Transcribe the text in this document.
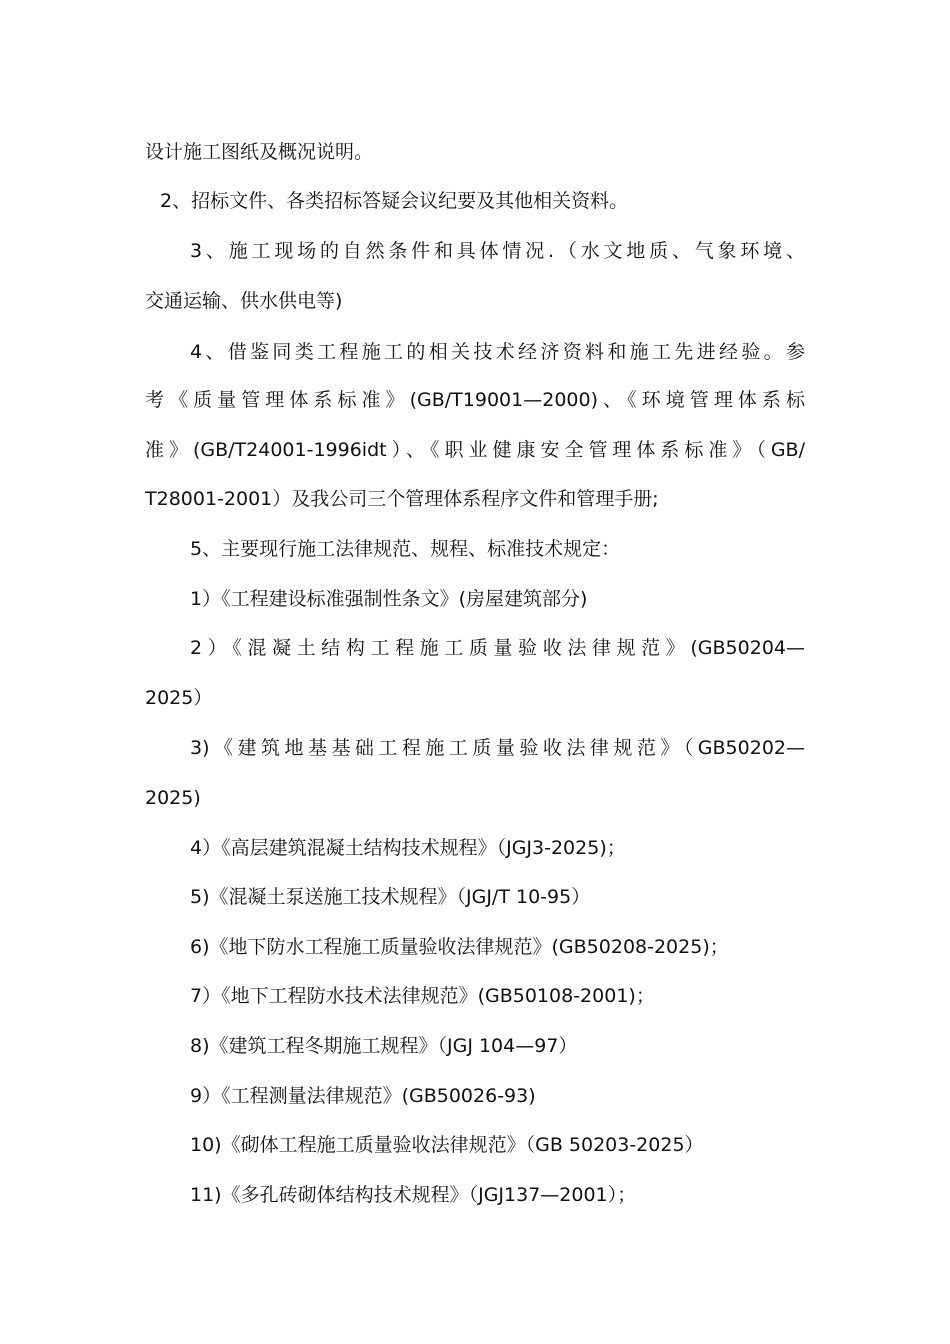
设计施工图纸及概况说明。

2、招标文件、各类招标答疑会议纪要及其他相关资料。

3、施工现场的自然条件和具体情况.（水文地质、气象环境、

交通运输、供水供电等)

4、借鉴同类工程施工的相关技术经济资料和施工先进经验。参

考《质量管理体系标准》(GB/T19001—2000)、《环境管理体系标

准》(GB/T24001-1996idt）、《职业健康安全管理体系标准》（GB/

T28001-2001）及我公司三个管理体系程序文件和管理手册;

5、主要现行施工法律规范、规程、标准技术规定：

1）《工程建设标准强制性条文》(房屋建筑部分)

2）《混凝土结构工程施工质量验收法律规范》(GB50204—

2025）

3)《建筑地基基础工程施工质量验收法律规范》（GB50202—

2025)

4）《高层建筑混凝土结构技术规程》（JGJ3-2025)；

5)《混凝土泵送施工技术规程》（JGJ/T 10-95）

6)《地下防水工程施工质量验收法律规范》(GB50208-2025)；

7）《地下工程防水技术法律规范》(GB50108-2001)；

8)《建筑工程冬期施工规程》（JGJ 104—97）

9）《工程测量法律规范》(GB50026-93)

10)《砌体工程施工质量验收法律规范》（GB 50203-2025）

11)《多孔砖砌体结构技术规程》（JGJ137—2001）；
